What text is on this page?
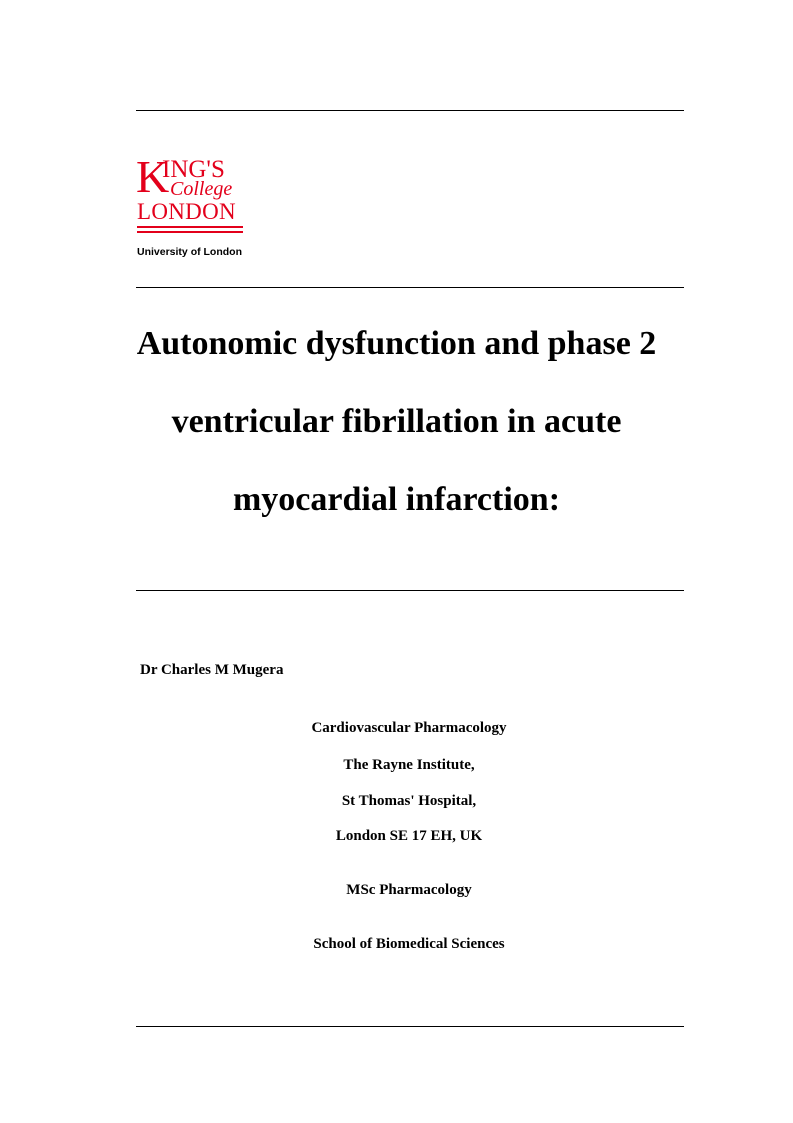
K
ING'S
College
LONDON
University of London
Autonomic dysfunction and phase 2
ventricular fibrillation in acute
myocardial infarction:
Dr Charles M Mugera
Cardiovascular Pharmacology
The Rayne Institute,
St Thomas' Hospital,
London SE 17 EH, UK
MSc Pharmacology
School of Biomedical Sciences
